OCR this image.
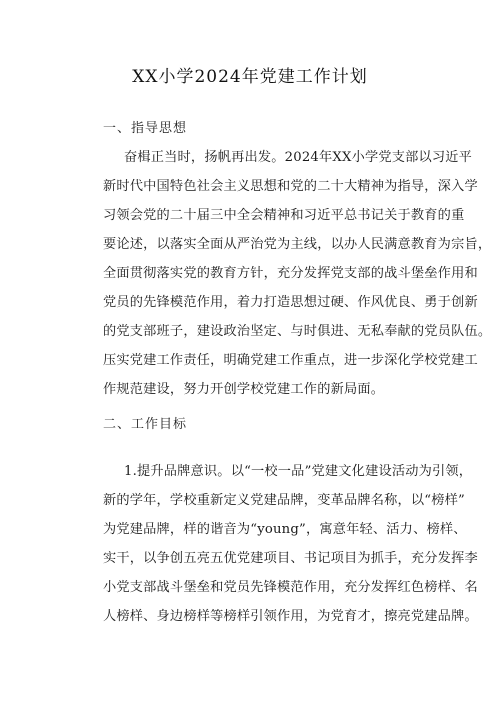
XX小学2024年党建工作计划
一、指导思想
奋楫正当时，扬帆再出发。2024年XX小学党支部以习近平
新时代中国特色社会主义思想和党的二十大精神为指导，深入学
习领会党的二十届三中全会精神和习近平总书记关于教育的重
要论述，以落实全面从严治党为主线，以办人民满意教育为宗旨，
全面贯彻落实党的教育方针，充分发挥党支部的战斗堡垒作用和
党员的先锋模范作用，着力打造思想过硬、作风优良、勇于创新
的党支部班子，建设政治坚定、与时俱进、无私奉献的党员队伍。
压实党建工作责任，明确党建工作重点，进一步深化学校党建工
作规范建设，努力开创学校党建工作的新局面。
二、工作目标
1.提升品牌意识。以“一校一品”党建文化建设活动为引领，
新的学年，学校重新定义党建品牌，变革品牌名称，以“榜样”
为党建品牌，样的谐音为“young”，寓意年轻、活力、榜样、
实干，以争创五亮五优党建项目、书记项目为抓手，充分发挥李
小党支部战斗堡垒和党员先锋模范作用，充分发挥红色榜样、名
人榜样、身边榜样等榜样引领作用，为党育才，擦亮党建品牌。
